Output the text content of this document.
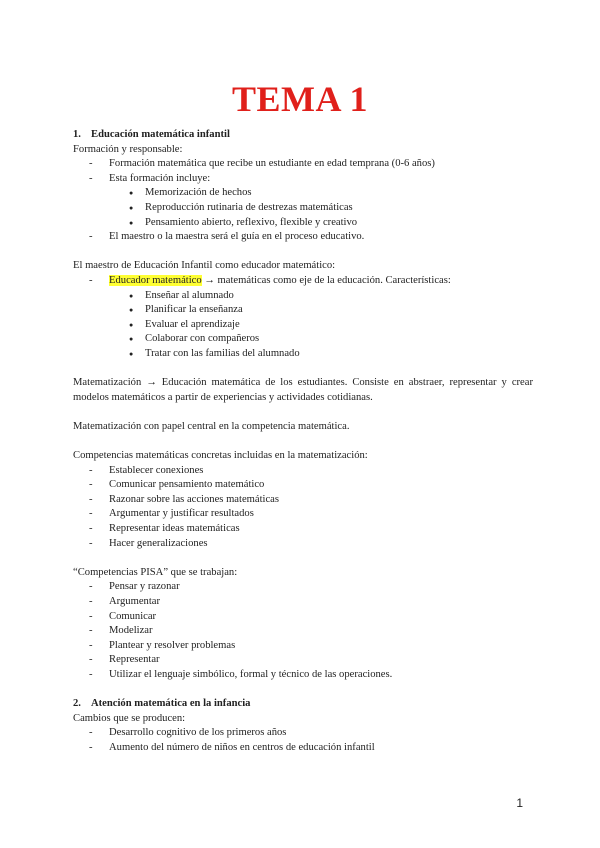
TEMA 1
1. Educación matemática infantil
Formación y responsable:
- Formación matemática que recibe un estudiante en edad temprana (0-6 años)
- Esta formación incluye:
● Memorización de hechos
● Reproducción rutinaria de destrezas matemáticas
● Pensamiento abierto, reflexivo, flexible y creativo
- El maestro o la maestra será el guía en el proceso educativo.
El maestro de Educación Infantil como educador matemático:
- Educador matemático → matemáticas como eje de la educación. Características:
● Enseñar al alumnado
● Planificar la enseñanza
● Evaluar el aprendizaje
● Colaborar con compañeros
● Tratar con las familias del alumnado
Matematización → Educación matemática de los estudiantes. Consiste en abstraer, representar y crear modelos matemáticos a partir de experiencias y actividades cotidianas.
Matematización con papel central en la competencia matemática.
Competencias matemáticas concretas incluidas en la matematización:
- Establecer conexiones
- Comunicar pensamiento matemático
- Razonar sobre las acciones matemáticas
- Argumentar y justificar resultados
- Representar ideas matemáticas
- Hacer generalizaciones
“Competencias PISA” que se trabajan:
- Pensar y razonar
- Argumentar
- Comunicar
- Modelizar
- Plantear y resolver problemas
- Representar
- Utilizar el lenguaje simbólico, formal y técnico de las operaciones.
2. Atención matemática en la infancia
Cambios que se producen:
- Desarrollo cognitivo de los primeros años
- Aumento del número de niños en centros de educación infantil
1
